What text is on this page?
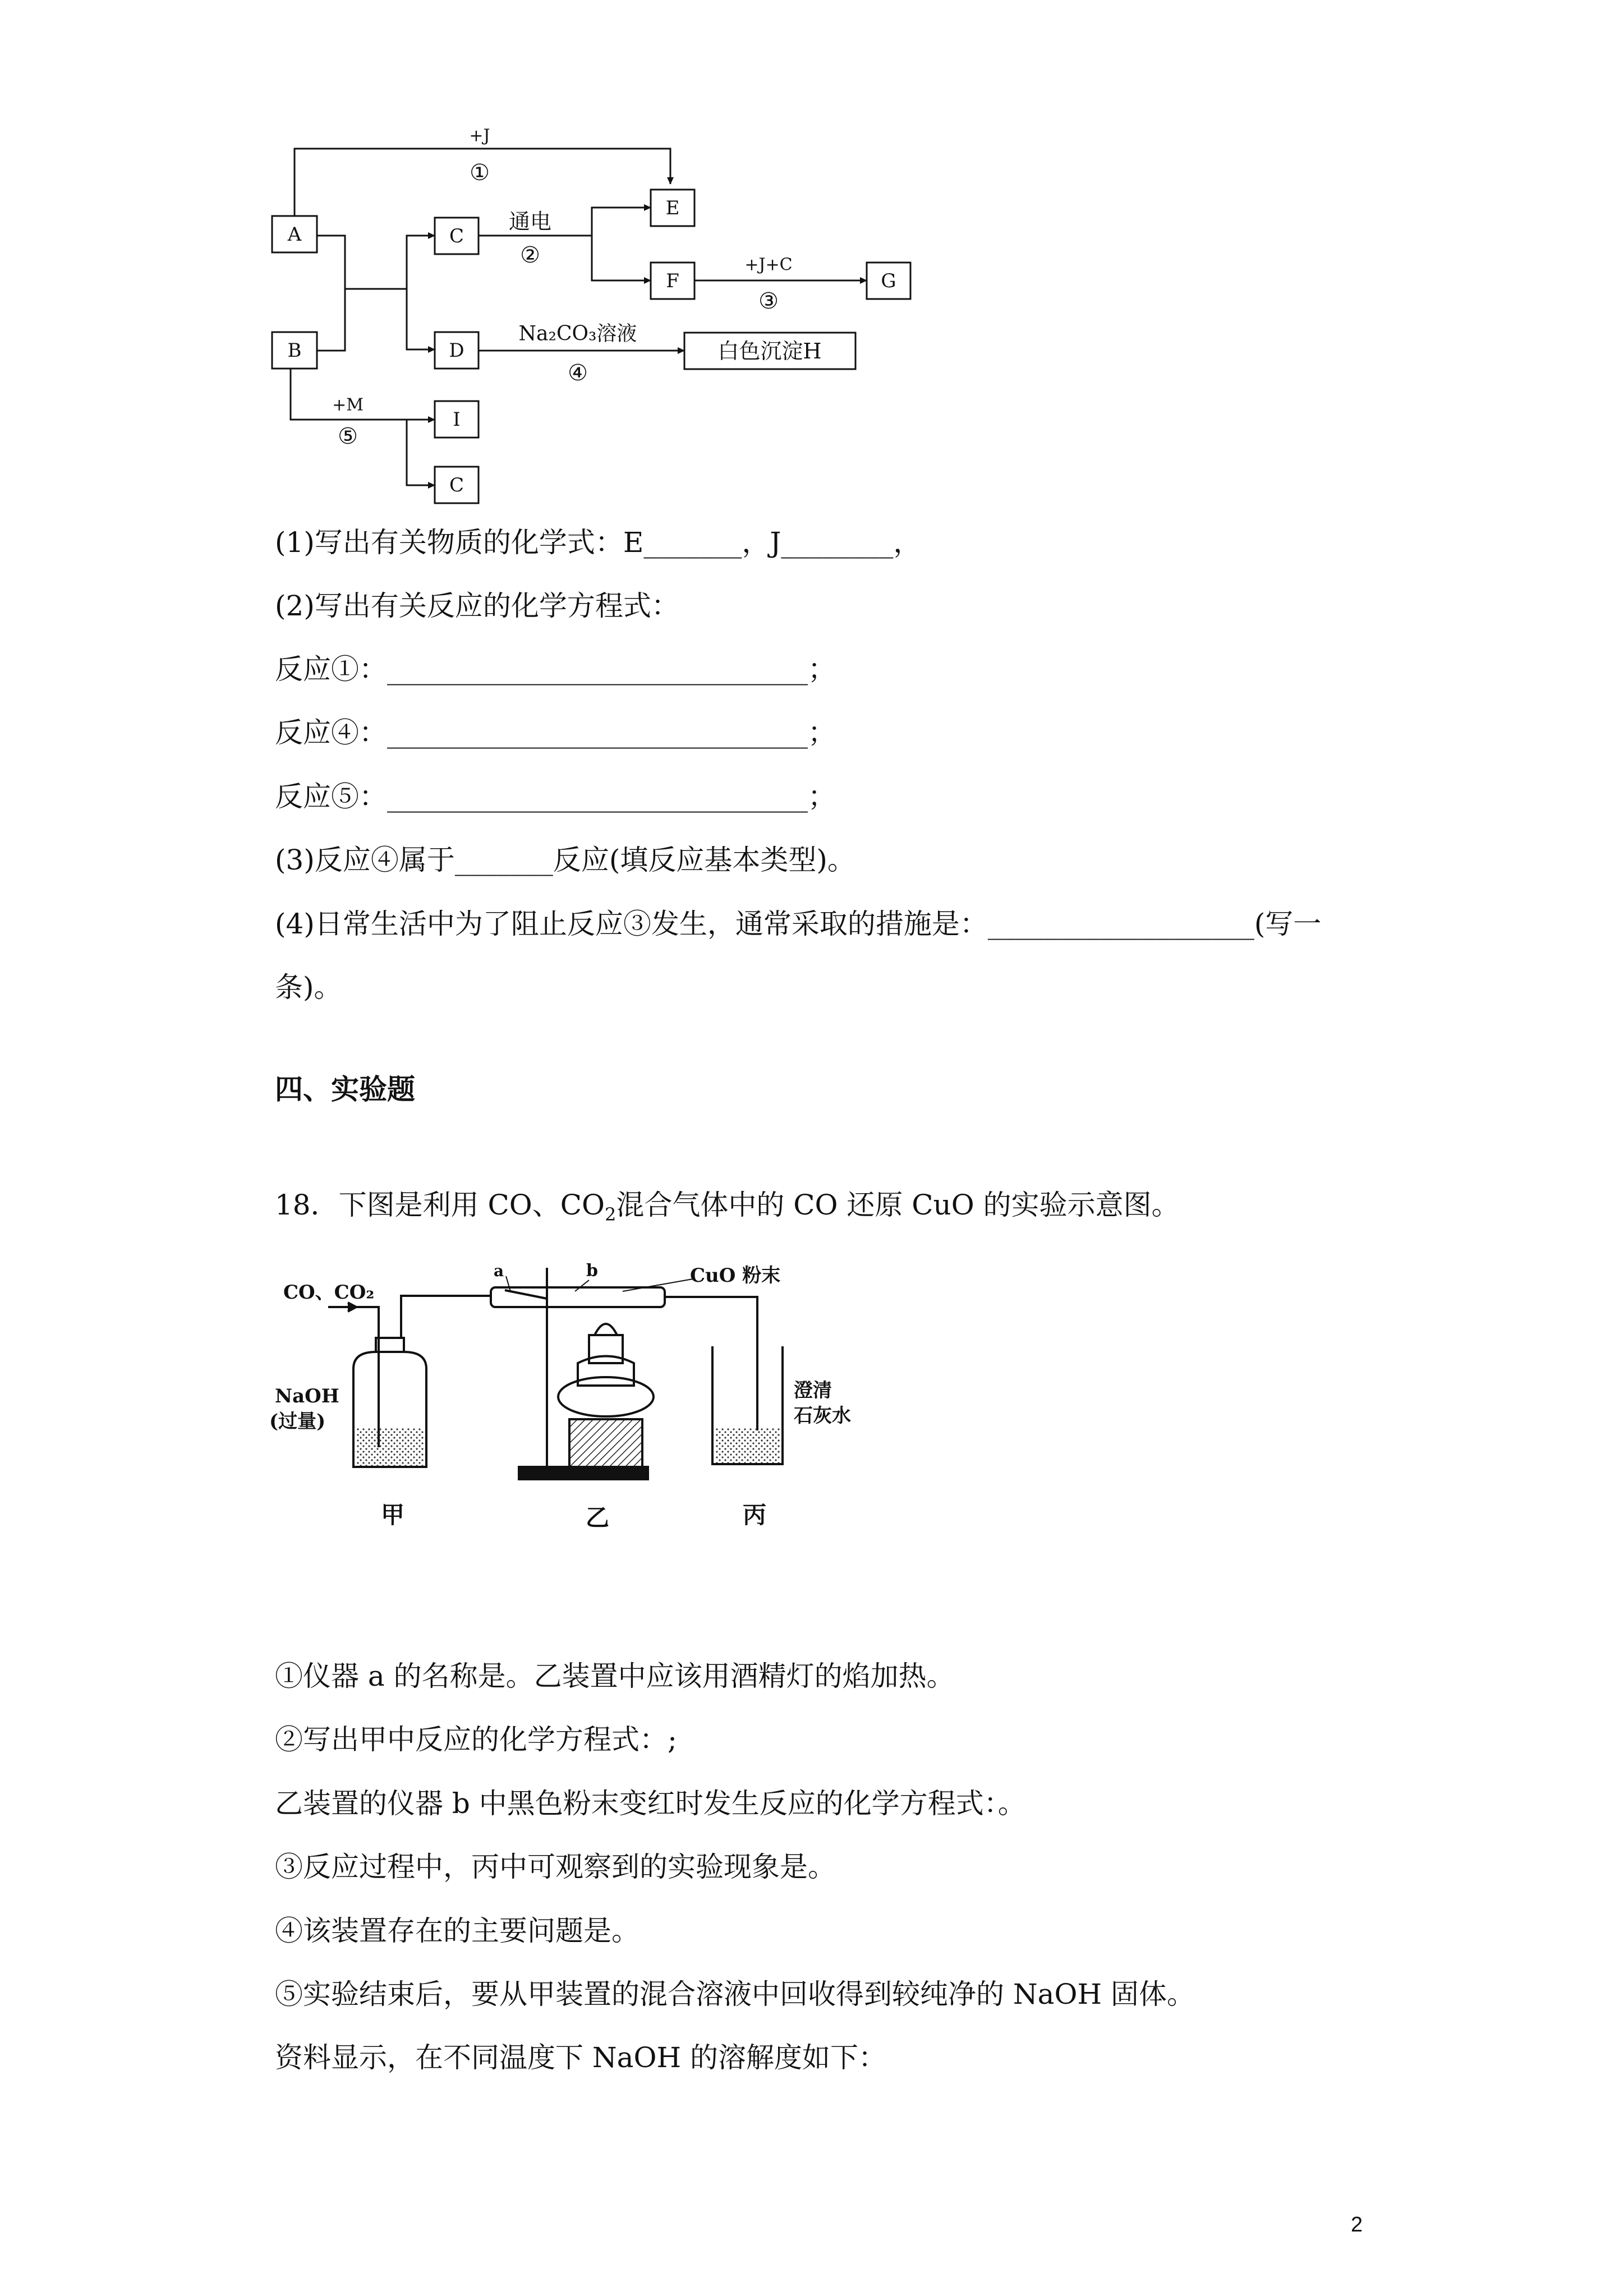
A
B
C
D
E
F	G
白色沉淀H
I
C
+J
①
通电
②	+J+C
③
Na₂CO₃溶液
④
+M
⑤
(1)写出有关物质的化学式：E_______，J________，
(2)写出有关反应的化学方程式：
反应①：______________________________；
反应④：______________________________；
反应⑤：______________________________；
(3)反应④属于_______反应(填反应基本类型)。
(4)日常生活中为了阻止反应③发生，通常采取的措施是：___________________(写一
条)。
四、实验题
18．下图是利用 CO、$CO_2$混合气体中的 CO 还原 CuO 的实验示意图。
CO、CO₂
NaOH
(过量)
a	b	CuO 粉末
澄清
石灰水
甲	乙	丙
①仪器 a 的名称是。乙装置中应该用酒精灯的焰加热。
②写出甲中反应的化学方程式：;
乙装置的仪器 b 中黑色粉末变红时发生反应的化学方程式：。
③反应过程中，丙中可观察到的实验现象是。
④该装置存在的主要问题是。
⑤实验结束后，要从甲装置的混合溶液中回收得到较纯净的 NaOH 固体。
资料显示，在不同温度下 NaOH 的溶解度如下：
2
